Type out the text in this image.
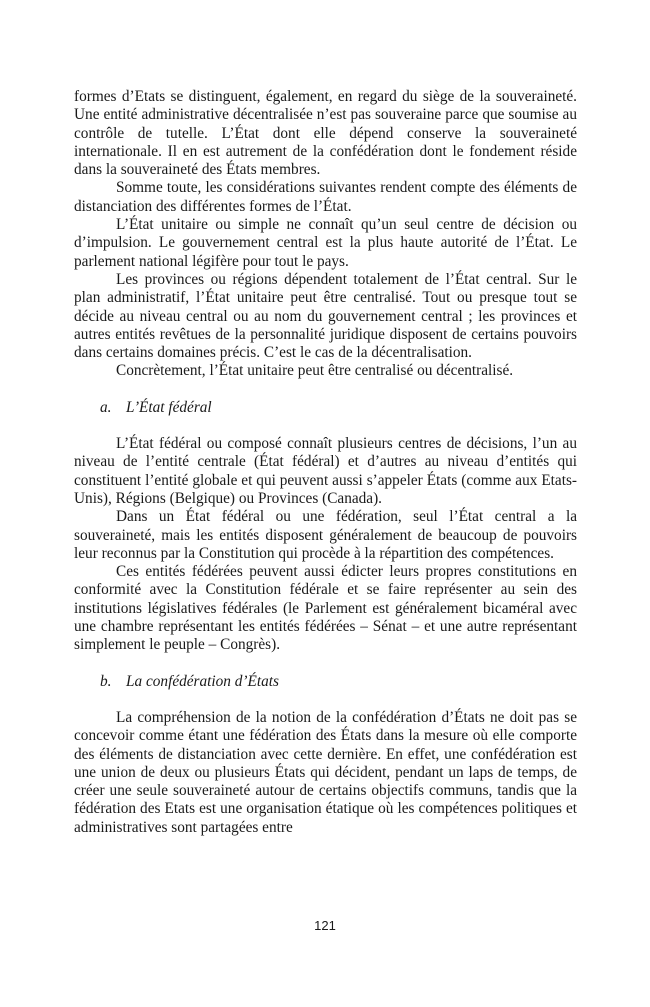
formes d’Etats se distinguent, également, en regard du siège de la souveraineté. Une entité administrative décentralisée n’est pas souveraine parce que soumise au contrôle de tutelle. L’État dont elle dépend conserve la souveraineté internationale. Il en est autrement de la confédération dont le fondement réside dans la souveraineté des États membres.

Somme toute, les considérations suivantes rendent compte des éléments de distanciation des différentes formes de l’État.

L’État unitaire ou simple ne connaît qu’un seul centre de décision ou d’impulsion. Le gouvernement central est la plus haute autorité de l’État. Le parlement national légifère pour tout le pays.

Les provinces ou régions dépendent totalement de l’État central. Sur le plan administratif, l’État unitaire peut être centralisé. Tout ou presque tout se décide au niveau central ou au nom du gouvernement central ; les provinces et autres entités revêtues de la personnalité juridique disposent de certains pouvoirs dans certains domaines précis. C’est le cas de la décentralisation.

Concrètement, l’État unitaire peut être centralisé ou décentralisé.

a. L’État fédéral

L’État fédéral ou composé connaît plusieurs centres de décisions, l’un au niveau de l’entité centrale (État fédéral) et d’autres au niveau d’entités qui constituent l’entité globale et qui peuvent aussi s’appeler États (comme aux Etats-Unis), Régions (Belgique) ou Provinces (Canada).

Dans un État fédéral ou une fédération, seul l’État central a la souveraineté, mais les entités disposent généralement de beaucoup de pouvoirs leur reconnus par la Constitution qui procède à la répartition des compétences.

Ces entités fédérées peuvent aussi édicter leurs propres constitutions en conformité avec la Constitution fédérale et se faire représenter au sein des institutions législatives fédérales (le Parlement est généralement bicaméral avec une chambre représentant les entités fédérées – Sénat – et une autre représentant simplement le peuple – Congrès).

b. La confédération d’États

La compréhension de la notion de la confédération d’États ne doit pas se concevoir comme étant une fédération des États dans la mesure où elle comporte des éléments de distanciation avec cette dernière. En effet, une confédération est une union de deux ou plusieurs États qui décident, pendant un laps de temps, de créer une seule souveraineté autour de certains objectifs communs, tandis que la fédération des Etats est une organisation étatique où les compétences politiques et administratives sont partagées entre

121
